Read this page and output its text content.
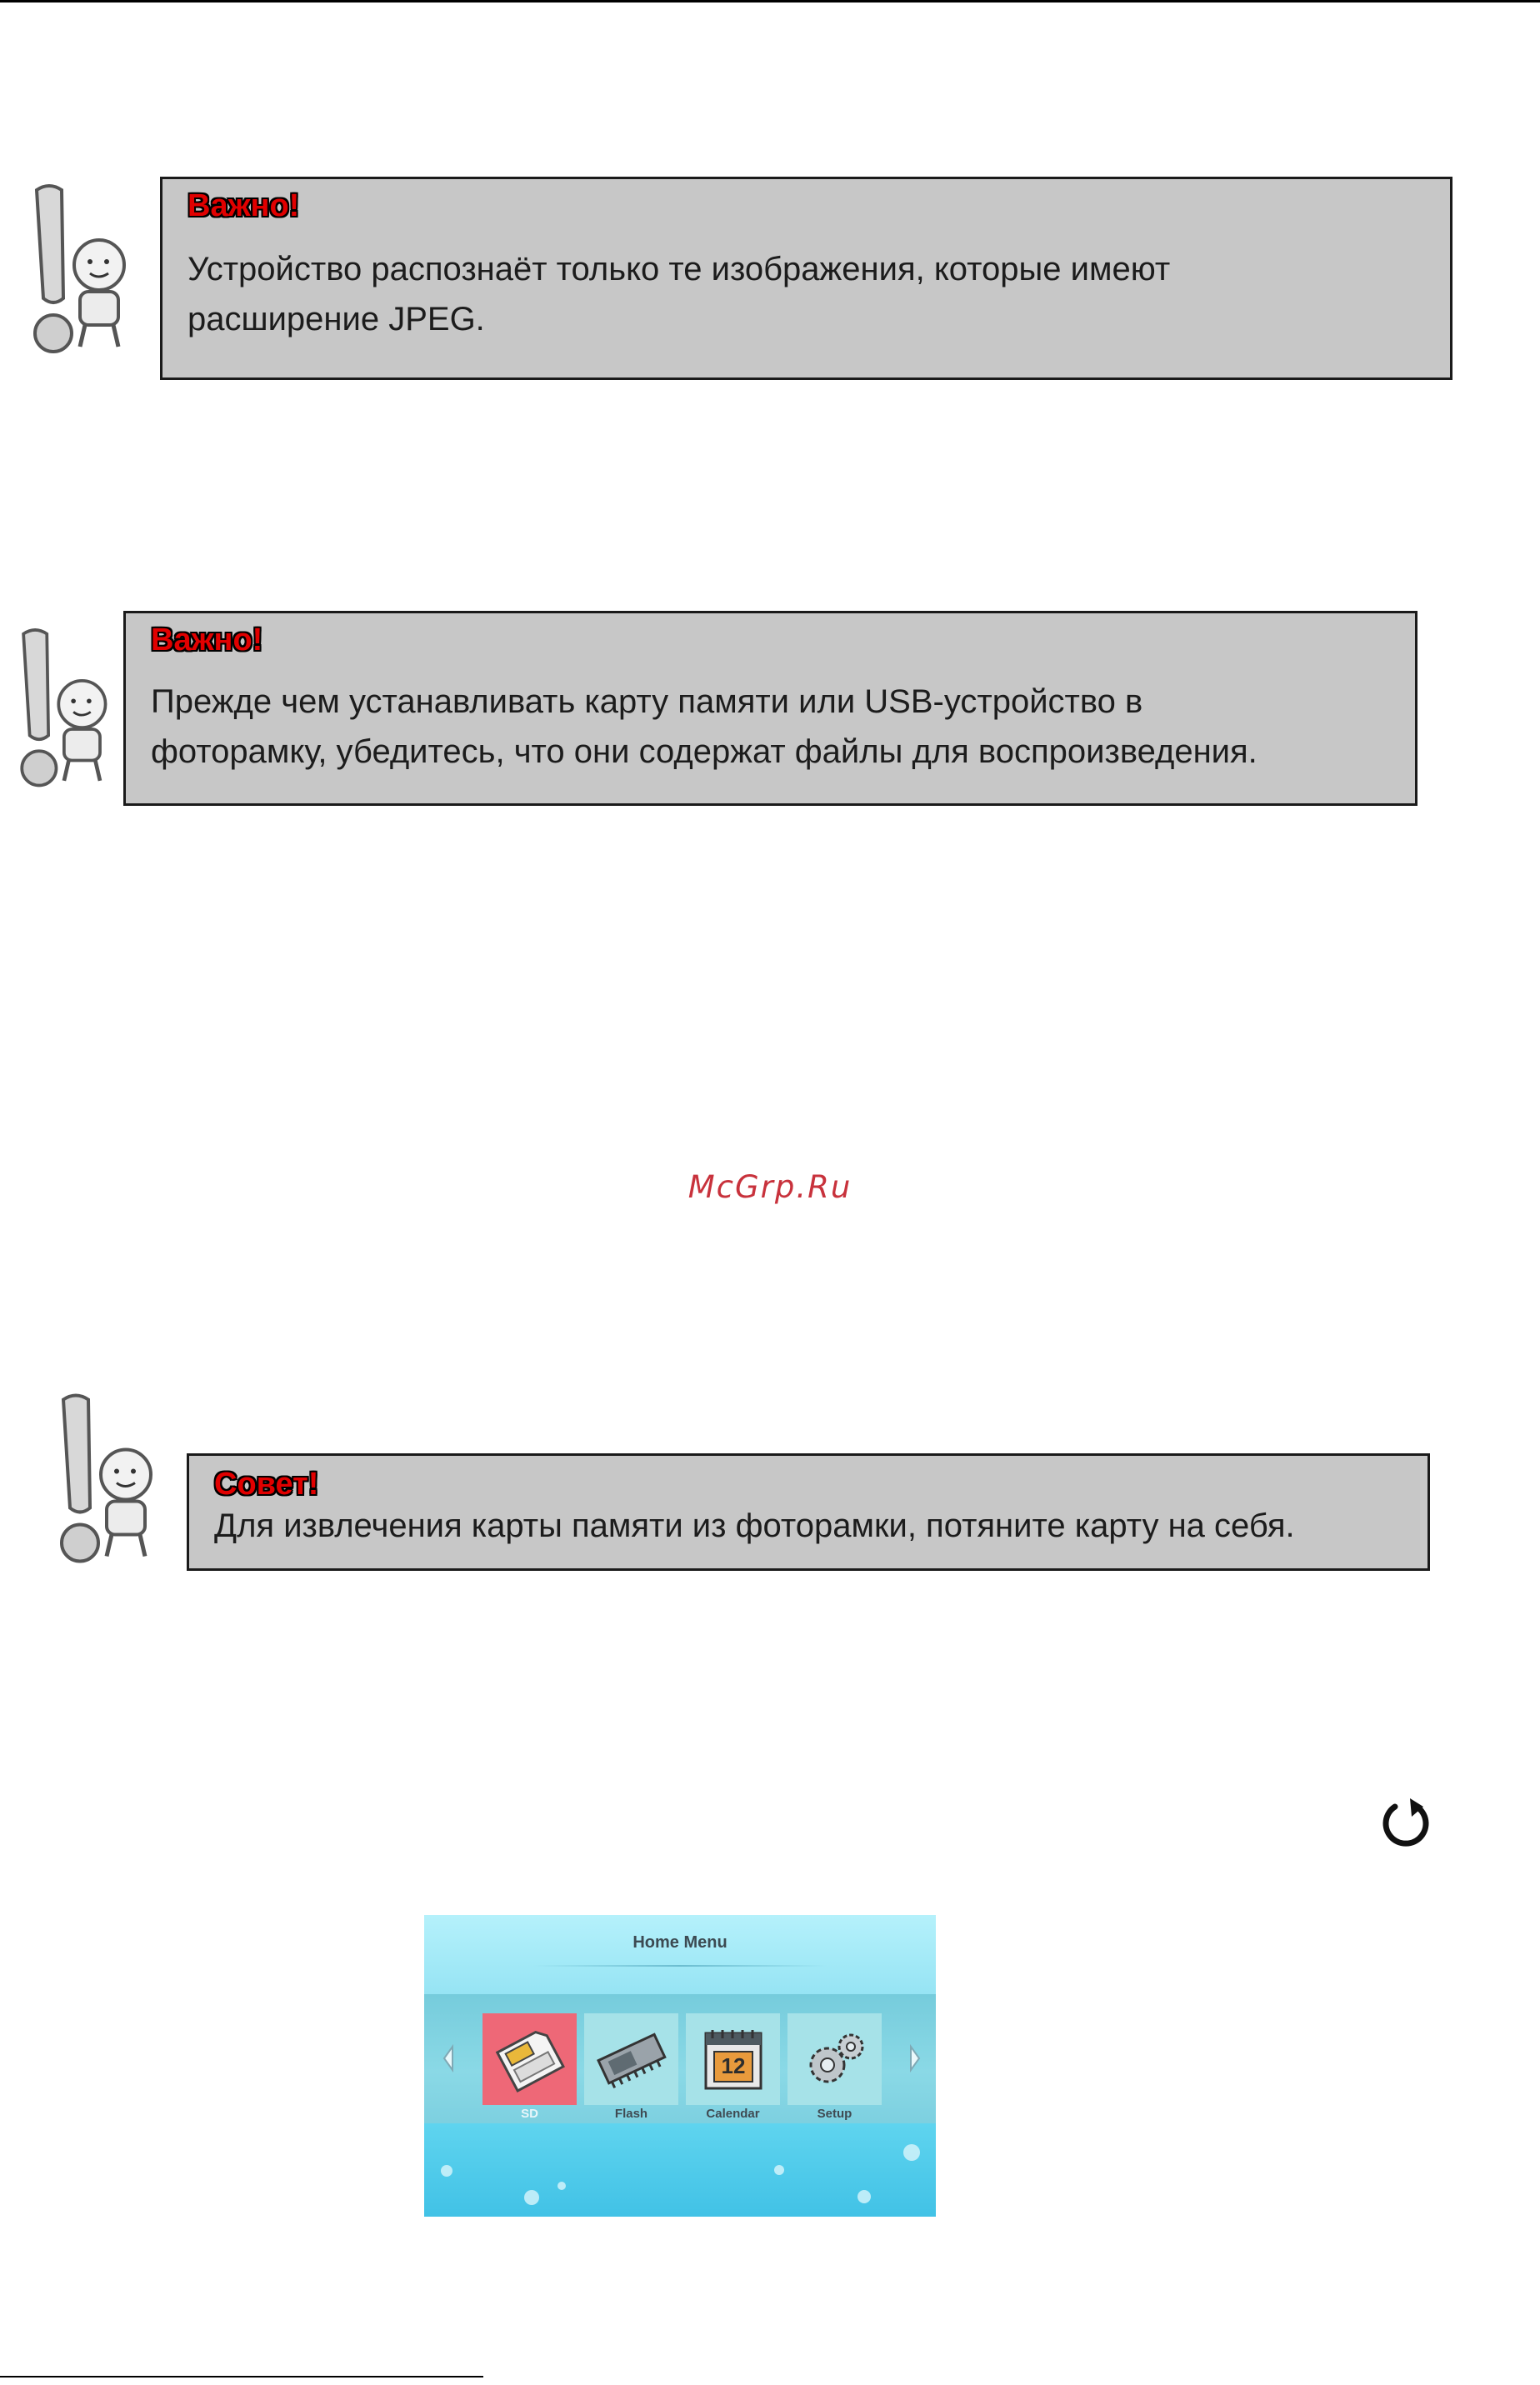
Важно!
Устройство распознаёт только те изображения, которые имеют
расширение JPEG.
Важно!
Прежде чем устанавливать карту памяти или USB-устройство в
фоторамку, убедитесь, что они содержат файлы для воспроизведения.
McGrp.Ru
Совет!
Для извлечения карты памяти из фоторамки, потяните карту на себя.
Home Menu
SD	Flash
12
Calendar	Setup
